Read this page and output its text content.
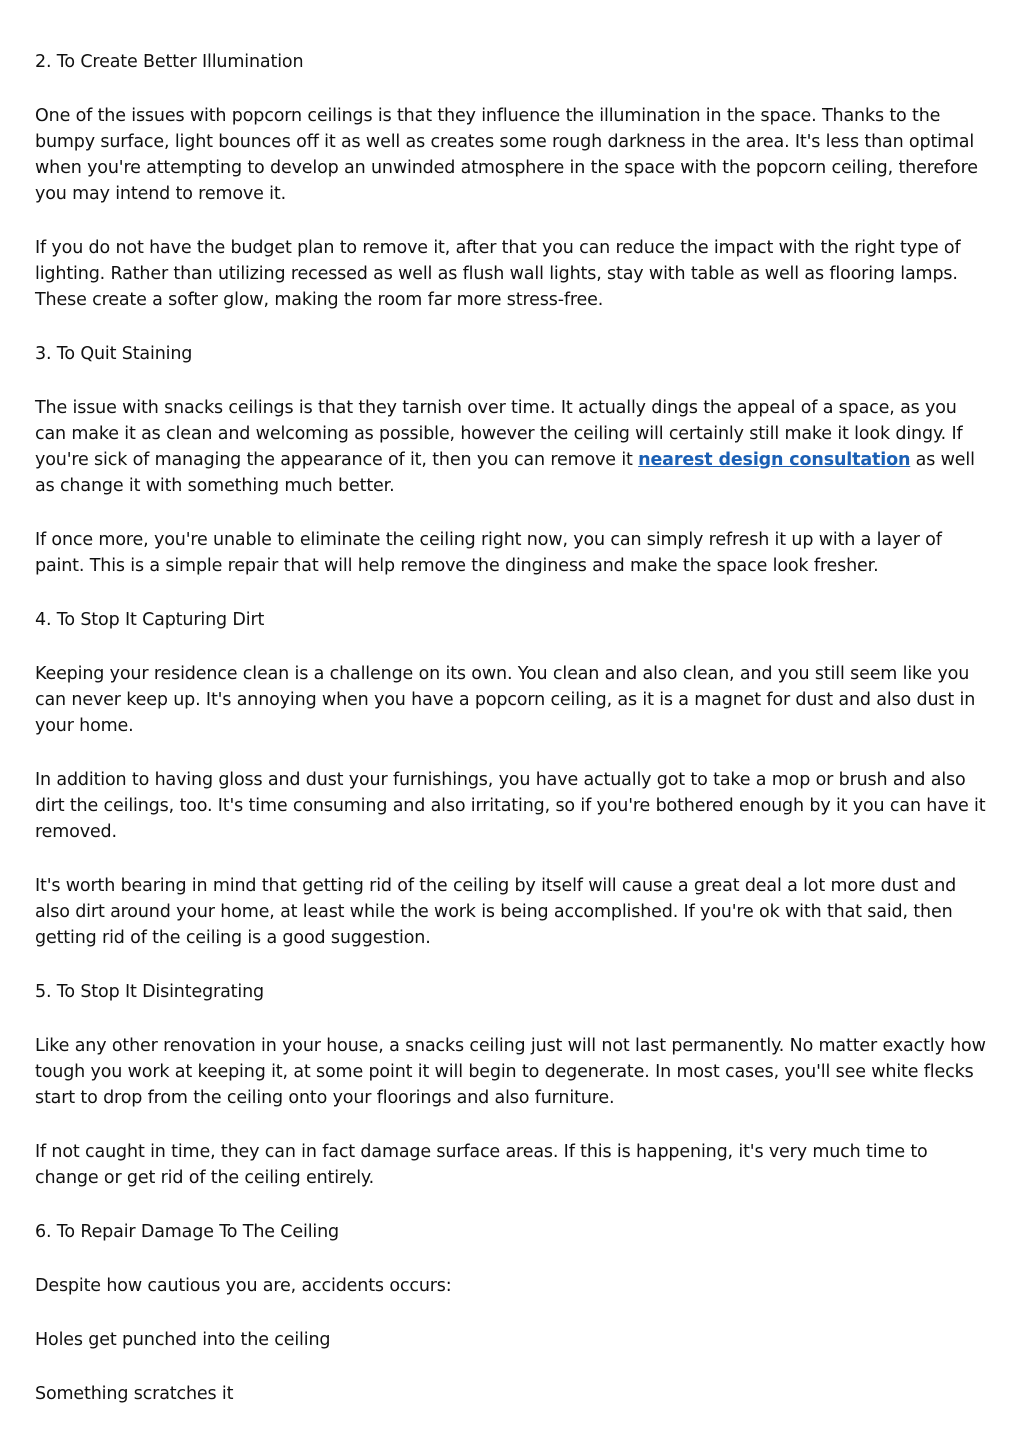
2. To Create Better Illumination

One of the issues with popcorn ceilings is that they influence the illumination in the space. Thanks to the bumpy surface, light bounces off it as well as creates some rough darkness in the area. It's less than optimal when you're attempting to develop an unwinded atmosphere in the space with the popcorn ceiling, therefore you may intend to remove it.

If you do not have the budget plan to remove it, after that you can reduce the impact with the right type of lighting. Rather than utilizing recessed as well as flush wall lights, stay with table as well as flooring lamps. These create a softer glow, making the room far more stress-free.

3. To Quit Staining

The issue with snacks ceilings is that they tarnish over time. It actually dings the appeal of a space, as you can make it as clean and welcoming as possible, however the ceiling will certainly still make it look dingy. If you're sick of managing the appearance of it, then you can remove it nearest design consultation as well as change it with something much better.

If once more, you're unable to eliminate the ceiling right now, you can simply refresh it up with a layer of paint. This is a simple repair that will help remove the dinginess and make the space look fresher.

4. To Stop It Capturing Dirt

Keeping your residence clean is a challenge on its own. You clean and also clean, and you still seem like you can never keep up. It's annoying when you have a popcorn ceiling, as it is a magnet for dust and also dust in your home.

In addition to having gloss and dust your furnishings, you have actually got to take a mop or brush and also dirt the ceilings, too. It's time consuming and also irritating, so if you're bothered enough by it you can have it removed.

It's worth bearing in mind that getting rid of the ceiling by itself will cause a great deal a lot more dust and also dirt around your home, at least while the work is being accomplished. If you're ok with that said, then getting rid of the ceiling is a good suggestion.

5. To Stop It Disintegrating

Like any other renovation in your house, a snacks ceiling just will not last permanently. No matter exactly how tough you work at keeping it, at some point it will begin to degenerate. In most cases, you'll see white flecks start to drop from the ceiling onto your floorings and also furniture.

If not caught in time, they can in fact damage surface areas. If this is happening, it's very much time to change or get rid of the ceiling entirely.

6. To Repair Damage To The Ceiling

Despite how cautious you are, accidents occurs:

Holes get punched into the ceiling

Something scratches it
